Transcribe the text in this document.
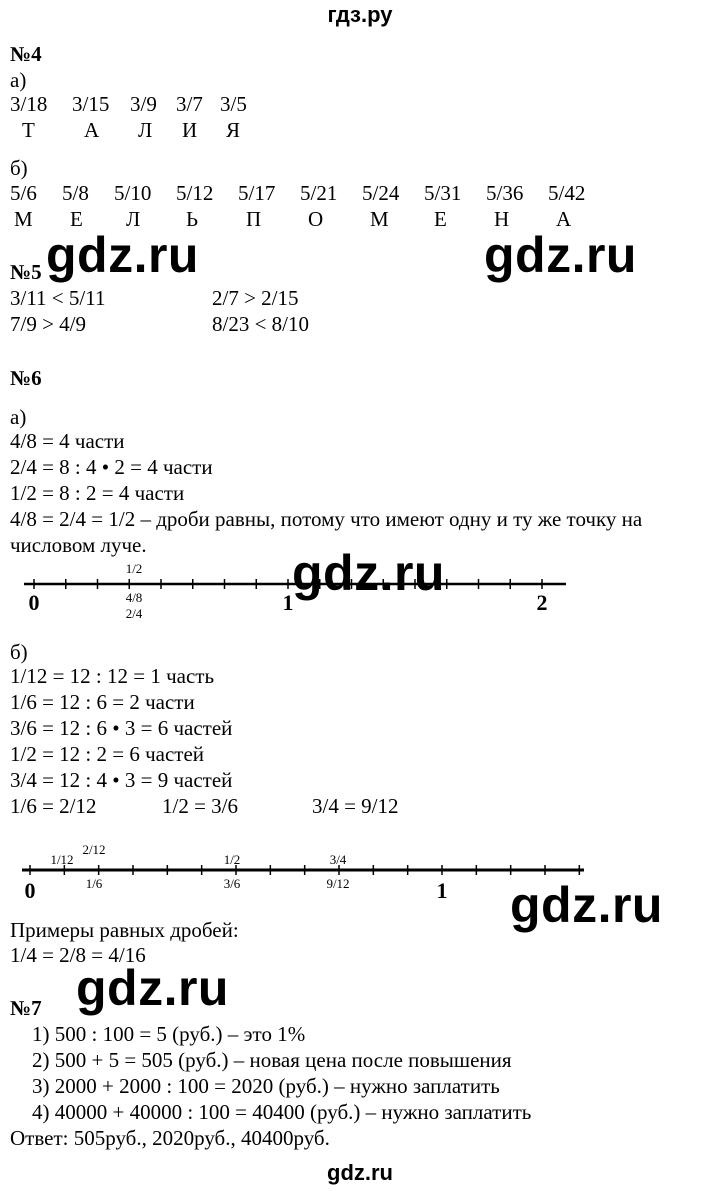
гдз.ру
№4
а)
3/18 3/15 3/9 3/7 3/5
Т А Л И Я
б)
5/6 5/8 5/10 5/12 5/17 5/21 5/24 5/31 5/36 5/42
М Е Л Ь П О М Е Н А
gdz.ru	gdz.ru
№5
3/11 < 5/11	2/7 > 2/15
7/9 > 4/9	8/23 < 8/10
№6
а)
4/8 = 4 части
2/4 = 8 : 4 • 2 = 4 части
1/2 = 8 : 2 = 4 части
4/8 = 2/4 = 1/2 – дроби равны, потому что имеют одну и ту же точку на
числовом луче.
1/2
4/8
2/4
0	1	2
gdz.ru
б)
1/12 = 12 : 12 = 1 часть
1/6 = 12 : 6 = 2 части
3/6 = 12 : 6 • 3 = 6 частей
1/2 = 12 : 2 = 6 частей
3/4 = 12 : 4 • 3 = 9 частей
1/6 = 2/12	1/2 = 3/6	3/4 = 9/12
1/12
2/12
1/2	3/4
1/6	3/6	9/12
0	1 gdz.ru
Примеры равных дробей:
1/4 = 2/8 = 4/16
gdz.ru
№7
1) 500 : 100 = 5 (руб.) – это 1%
2) 500 + 5 = 505 (руб.) – новая цена после повышения
3) 2000 + 2000 : 100 = 2020 (руб.) – нужно заплатить
4) 40000 + 40000 : 100 = 40400 (руб.) – нужно заплатить
Ответ: 505руб., 2020руб., 40400руб.
gdz.ru
